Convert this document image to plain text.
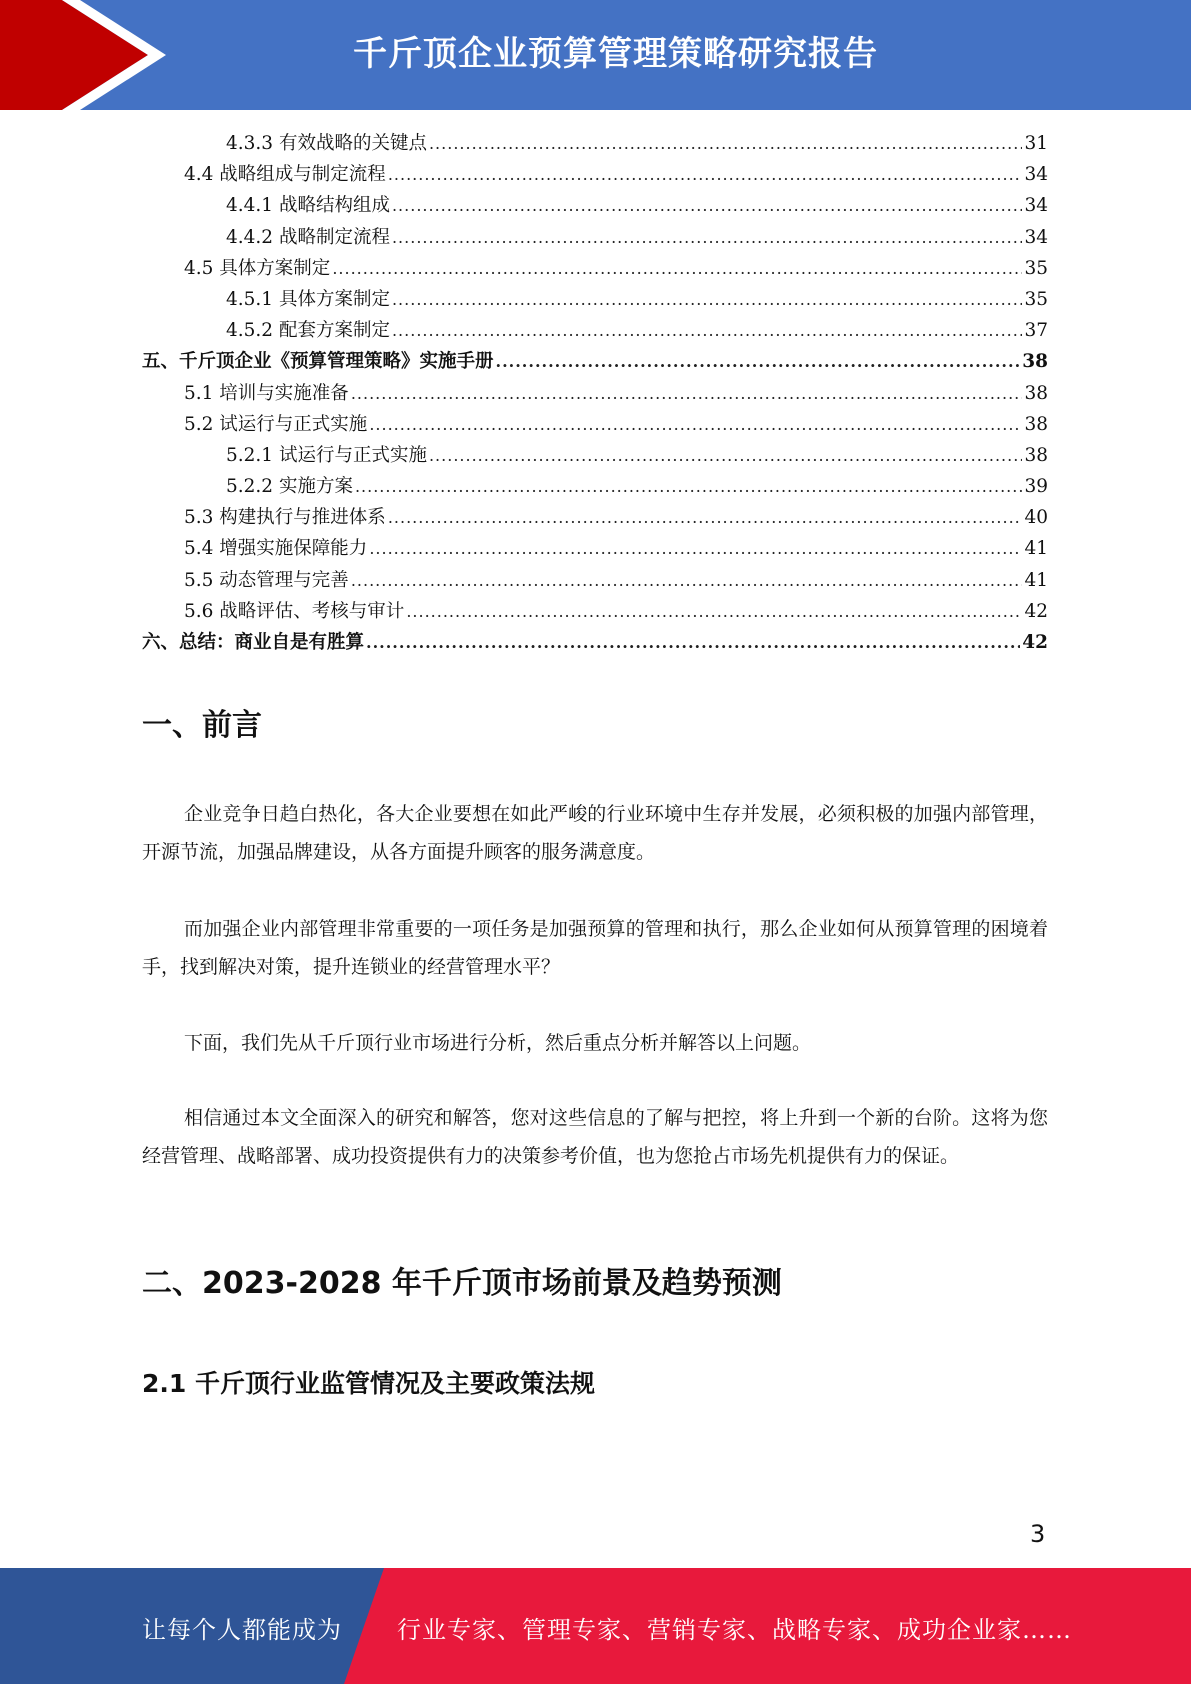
千斤顶企业预算管理策略研究报告
4.3.3 有效战略的关键点 .....	31
4.4 战略组成与制定流程 .....	34
4.4.1 战略结构组成 .....	34
4.4.2 战略制定流程 .....	34
4.5 具体方案制定 .....	35
4.5.1 具体方案制定 .....	35
4.5.2 配套方案制定 .....	37
五、千斤顶企业《预算管理策略》实施手册 .....	38
5.1 培训与实施准备 .....	38
5.2 试运行与正式实施 .....	38
5.2.1 试运行与正式实施 .....	38
5.2.2 实施方案 .....	39
5.3 构建执行与推进体系 .....	40
5.4 增强实施保障能力 .....	41
5.5 动态管理与完善 .....	41
5.6 战略评估、考核与审计 .....	42
六、总结：商业自是有胜算 .....	42
一、前言
企业竞争日趋白热化，各大企业要想在如此严峻的行业环境中生存并发展，必须积极的加强内部管理，开源节流，加强品牌建设，从各方面提升顾客的服务满意度。
而加强企业内部管理非常重要的一项任务是加强预算的管理和执行，那么企业如何从预算管理的困境着手，找到解决对策，提升连锁业的经营管理水平？
下面，我们先从千斤顶行业市场进行分析，然后重点分析并解答以上问题。
相信通过本文全面深入的研究和解答，您对这些信息的了解与把控，将上升到一个新的台阶。这将为您经营管理、战略部署、成功投资提供有力的决策参考价值，也为您抢占市场先机提供有力的保证。
二、2023-2028 年千斤顶市场前景及趋势预测
2.1 千斤顶行业监管情况及主要政策法规
3
让每个人都能成为 行业专家、管理专家、营销专家、战略专家、成功企业家……
